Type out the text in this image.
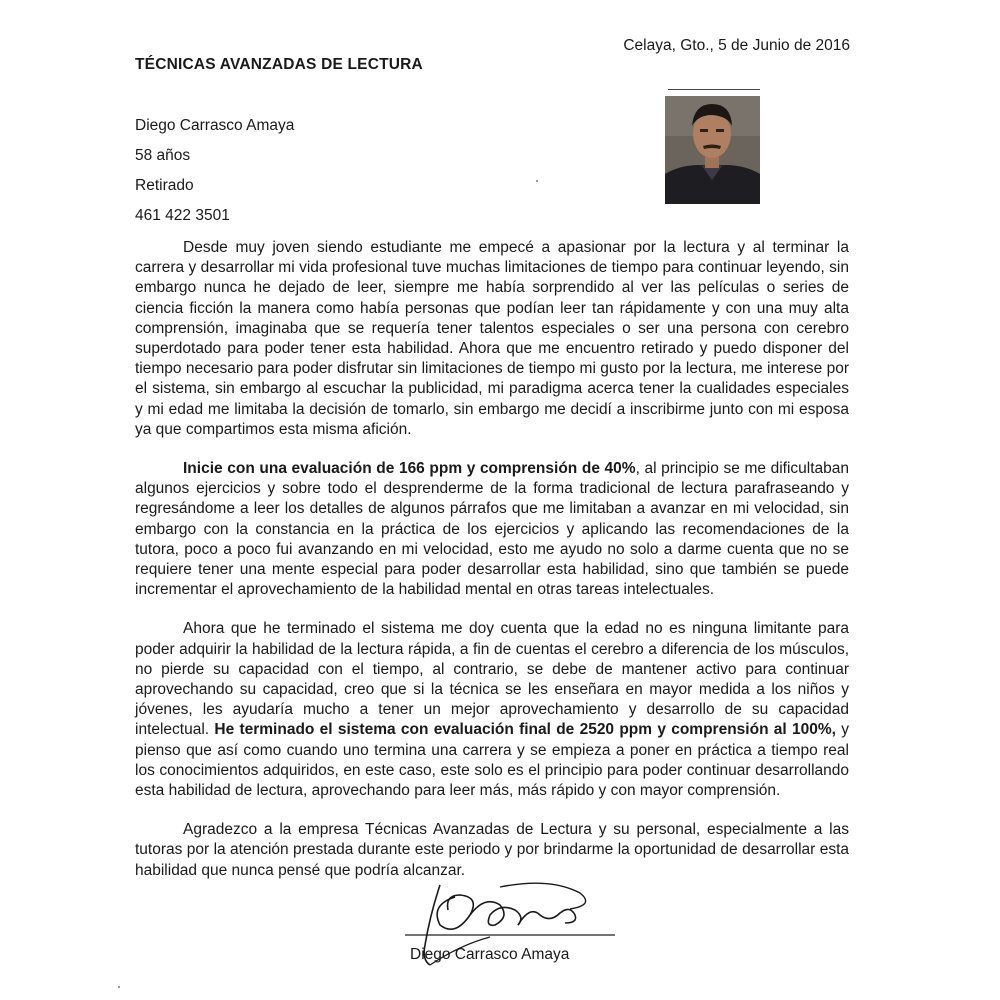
Celaya, Gto., 5 de Junio de 2016
TÉCNICAS AVANZADAS DE LECTURA
Diego Carrasco Amaya
58 años
Retirado
461 422 3501

Desde muy joven siendo estudiante me empecé a apasionar por la lectura y al terminar la carrera y desarrollar mi vida profesional tuve muchas limitaciones de tiempo para continuar leyendo, sin embargo nunca he dejado de leer, siempre me había sorprendido al ver las películas o series de ciencia ficción la manera como había personas que podían leer tan rápidamente y con una muy alta comprensión, imaginaba que se requería tener talentos especiales o ser una persona con cerebro superdotado para poder tener esta habilidad. Ahora que me encuentro retirado y puedo disponer del tiempo necesario para poder disfrutar sin limitaciones de tiempo mi gusto por la lectura, me interese por el sistema, sin embargo al escuchar la publicidad, mi paradigma acerca tener la cualidades especiales y mi edad me limitaba la decisión de tomarlo, sin embargo me decidí a inscribirme junto con mi esposa ya que compartimos esta misma afición.

Inicie con una evaluación de 166 ppm y comprensión de 40%, al principio se me dificultaban algunos ejercicios y sobre todo el desprenderme de la forma tradicional de lectura parafraseando y regresándome a leer los detalles de algunos párrafos que me limitaban a avanzar en mi velocidad, sin embargo con la constancia en la práctica de los ejercicios y aplicando las recomendaciones de la tutora, poco a poco fui avanzando en mi velocidad, esto me ayudo no solo a darme cuenta que no se requiere tener una mente especial para poder desarrollar esta habilidad, sino que también se puede incrementar el aprovechamiento de la habilidad mental en otras tareas intelectuales.

Ahora que he terminado el sistema me doy cuenta que la edad no es ninguna limitante para poder adquirir la habilidad de la lectura rápida, a fin de cuentas el cerebro a diferencia de los músculos, no pierde su capacidad con el tiempo, al contrario, se debe de mantener activo para continuar aprovechando su capacidad, creo que si la técnica se les enseñara en mayor medida a los niños y jóvenes, les ayudaría mucho a tener un mejor aprovechamiento y desarrollo de su capacidad intelectual. He terminado el sistema con evaluación final de 2520 ppm y comprensión al 100%, y pienso que así como cuando uno termina una carrera y se empieza a poner en práctica a tiempo real los conocimientos adquiridos, en este caso, este solo es el principio para poder continuar desarrollando esta habilidad de lectura, aprovechando para leer más, más rápido y con mayor comprensión.

Agradezco a la empresa Técnicas Avanzadas de Lectura y su personal, especialmente a las tutoras por la atención prestada durante este periodo y por brindarme la oportunidad de desarrollar esta habilidad que nunca pensé que podría alcanzar.

Diego Carrasco Amaya
